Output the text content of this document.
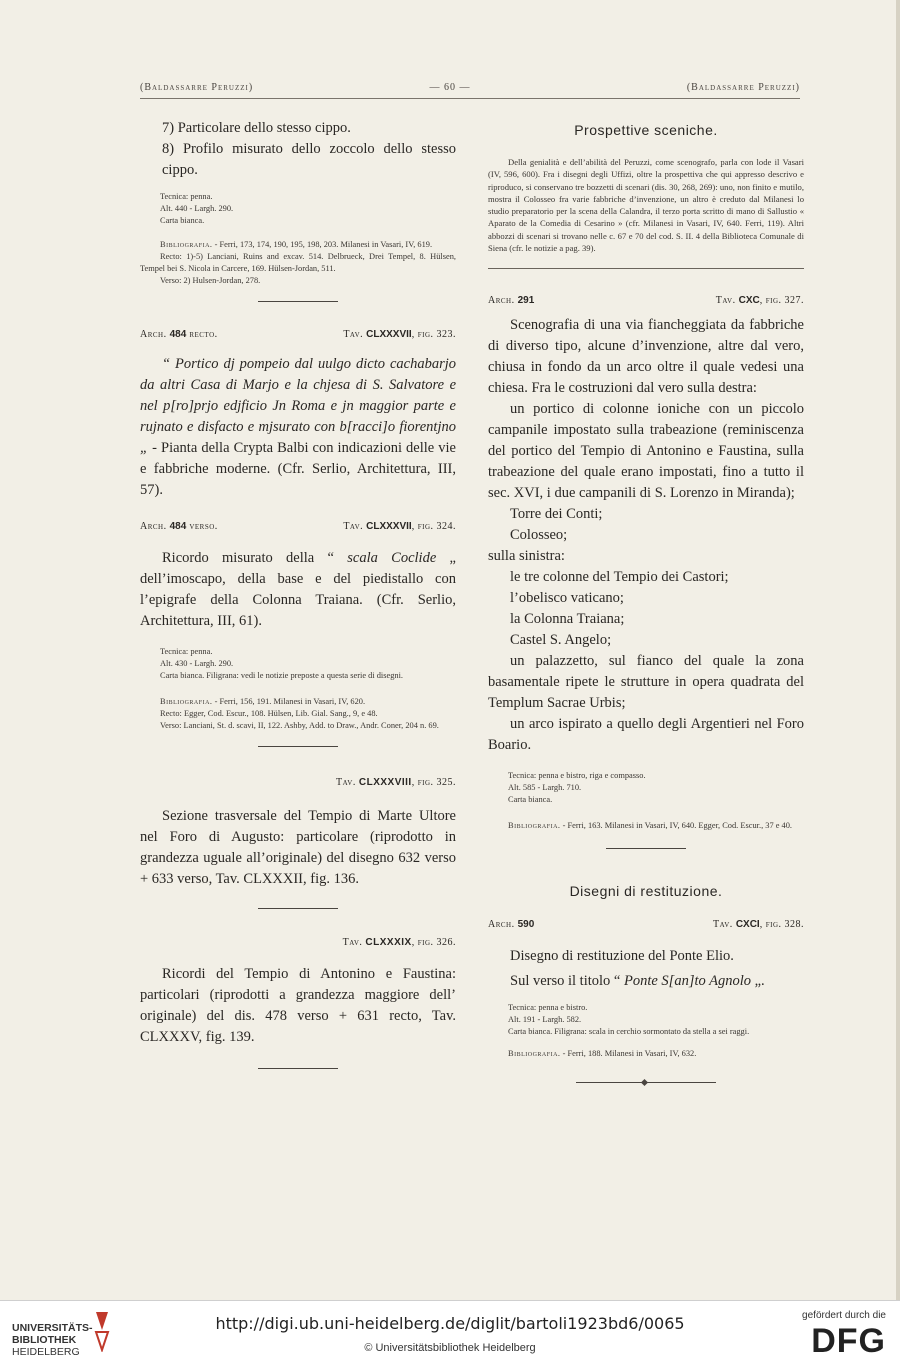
(Baldassarre Peruzzi)	— 60 —	(Baldassarre Peruzzi)

7) Particolare dello stesso cippo.

8) Profilo misurato dello zoccolo dello stesso cippo.

Tecnica: penna.

Alt. 440 - Largh. 290.

Carta bianca.

Bibliografia. - Ferri, 173, 174, 190, 195, 198, 203. Milanesi in Vasari, IV, 619.

Recto: 1)-5) Lanciani, Ruins and excav. 514. Delbrueck, Drei Tempel, 8. Hülsen, Tempel bei S. Nicola in Carcere, 169. Hülsen-Jordan, 511.

Verso: 2) Hulsen-Jordan, 278.

Arch. 484 recto.	Tav. CLXXXVII, fig. 323.

“ Portico dj pompeio dal uulgo dicto cachabarjo da altri Casa di Marjo e la chjesa di S. Salvatore e nel p[ro]prjo edjficio Jn Roma e jn maggior parte e rujnato e disfacto e mjsurato con b[racci]o fiorentjno „ - Pianta della Crypta Balbi con indicazioni delle vie e fabbriche moderne. (Cfr. Serlio, Architettura, III, 57).

Arch. 484 verso.	Tav. CLXXXVII, fig. 324.

Ricordo misurato della “ scala Coclide „ dell’imoscapo, della base e del piedistallo con l’epigrafe della Colonna Traiana. (Cfr. Serlio, Architettura, III, 61).

Tecnica: penna.

Alt. 430 - Largh. 290.

Carta bianca. Filigrana: vedi le notizie preposte a questa serie di disegni.

Bibliografia. - Ferri, 156, 191. Milanesi in Vasari, IV, 620.

Recto: Egger, Cod. Escur., 108. Hülsen, Lib. Gial. Sang., 9, e 48.

Verso: Lanciani, St. d. scavi, II, 122. Ashby, Add. to Draw., Andr. Coner, 204 n. 69.

Tav. CLXXXVIII, fig. 325.

Sezione trasversale del Tempio di Marte Ultore nel Foro di Augusto: particolare (riprodotto in grandezza uguale all’originale) del disegno 632 verso + 633 verso, Tav. CLXXXII, fig. 136.

Tav. CLXXXIX, fig. 326.

Ricordi del Tempio di Antonino e Faustina: particolari (riprodotti a grandezza maggiore dell’ originale) del dis. 478 verso + 631 recto, Tav. CLXXXV, fig. 139.

Prospettive sceniche.

Della genialità e dell’abilità del Peruzzi, come scenografo, parla con lode il Vasari (IV, 596, 600). Fra i disegni degli Uffizi, oltre la prospettiva che qui appresso descrivo e riproduco, si conservano tre bozzetti di scenari (dis. 30, 268, 269): uno, non finito e mutilo, mostra il Colosseo fra varie fabbriche d’invenzione, un altro è creduto dal Milanesi lo studio preparatorio per la scena della Calandra, il terzo porta scritto di mano di Sallustio « Aparato de la Comedia di Cesarino » (cfr. Milanesi in Vasari, IV, 640. Ferri, 119). Altri abbozzi di scenari si trovano nelle c. 67 e 70 del cod. S. II. 4 della Biblioteca Comunale di Siena (cfr. le notizie a pag. 39).

Arch. 291	Tav. CXC, fig. 327.

Scenografia di una via fiancheggiata da fabbriche di diverso tipo, alcune d’invenzione, altre dal vero, chiusa in fondo da un arco oltre il quale vedesi una chiesa. Fra le costruzioni dal vero sulla destra:

un portico di colonne ioniche con un piccolo campanile impostato sulla trabeazione (reminiscenza del portico del Tempio di Antonino e Faustina, sulla trabeazione del quale erano impostati, fino a tutto il sec. XVI, i due campanili di S. Lorenzo in Miranda);

Torre dei Conti;

Colosseo;

sulla sinistra:

le tre colonne del Tempio dei Castori;

l’obelisco vaticano;

la Colonna Traiana;

Castel S. Angelo;

un palazzetto, sul fianco del quale la zona basamentale ripete le strutture in opera quadrata del Templum Sacrae Urbis;

un arco ispirato a quello degli Argentieri nel Foro Boario.

Tecnica: penna e bistro, riga e compasso.

Alt. 585 - Largh. 710.

Carta bianca.

Bibliografia. - Ferri, 163. Milanesi in Vasari, IV, 640. Egger, Cod. Escur., 37 e 40.

Disegni di restituzione.

Arch. 590	Tav. CXCI, fig. 328.

Disegno di restituzione del Ponte Elio.

Sul verso il titolo “ Ponte S[an]to Agnolo „.

Tecnica: penna e bistro.

Alt. 191 - Largh. 582.

Carta bianca. Filigrana: scala in cerchio sormontato da stella a sei raggi.

Bibliografia. - Ferri, 188. Milanesi in Vasari, IV, 632.

UNIVERSITÄTS-
BIBLIOTHEK
HEIDELBERG
http://digi.ub.uni-heidelberg.de/diglit/bartoli1923bd6/0065
© Universitätsbibliothek Heidelberg
gefördert durch die
DFG
